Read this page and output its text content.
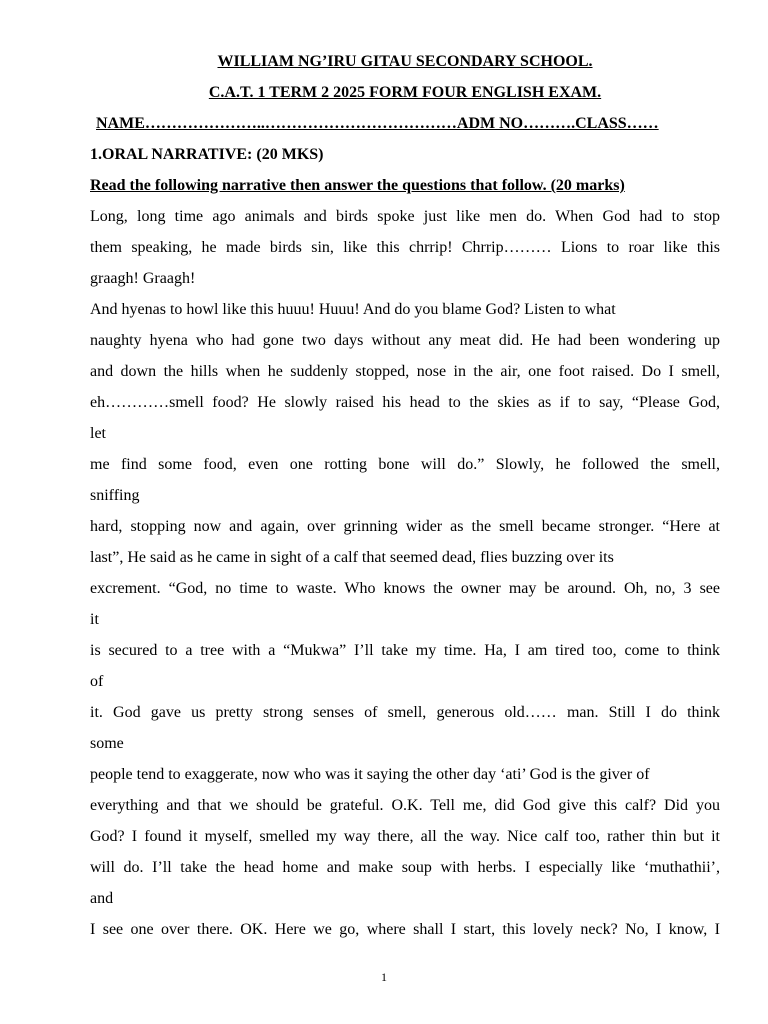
WILLIAM NG’IRU GITAU SECONDARY SCHOOL.

C.A.T. 1 TERM 2 2025 FORM FOUR ENGLISH EXAM.

NAME…………………..………………………………ADM NO……….CLASS……

1.ORAL NARRATIVE: (20 MKS)

Read the following narrative then answer the questions that follow. (20 marks)

Long, long time ago animals and birds spoke just like men do. When God had to stop
them speaking, he made birds sin, like this chrrip! Chrrip……… Lions to roar like this
graagh! Graagh!
And hyenas to howl like this huuu! Huuu! And do you blame God? Listen to what
naughty hyena who had gone two days without any meat did. He had been wondering up
and down the hills when he suddenly stopped, nose in the air, one foot raised. Do I smell,
eh…………smell food? He slowly raised his head to the skies as if to say, “Please God,
let
me find some food, even one rotting bone will do.” Slowly, he followed the smell,
sniffing
hard, stopping now and again, over grinning wider as the smell became stronger. “Here at
last”, He said as he came in sight of a calf that seemed dead, flies buzzing over its
excrement. “God, no time to waste. Who knows the owner may be around. Oh, no, 3 see
it
is secured to a tree with a “Mukwa” I’ll take my time. Ha, I am tired too, come to think
of
it. God gave us pretty strong senses of smell, generous old…… man. Still I do think
some
people tend to exaggerate, now who was it saying the other day ‘ati’ God is the giver of
everything and that we should be grateful. O.K. Tell me, did God give this calf? Did you
God? I found it myself, smelled my way there, all the way. Nice calf too, rather thin but it
will do. I’ll take the head home and make soup with herbs. I especially like ‘muthathii’,
and
I see one over there. OK. Here we go, where shall I start, this lovely neck? No, I know, I
1
